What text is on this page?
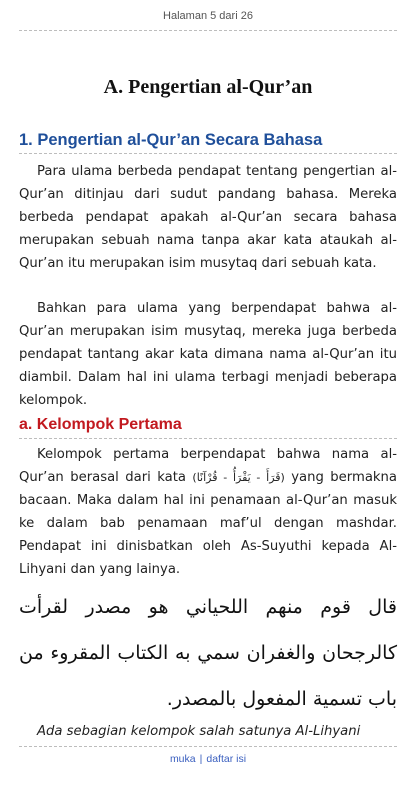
Halaman 5 dari 26
A. Pengertian al-Qur’an
1. Pengertian al-Qur’an Secara Bahasa

Para ulama berbeda pendapat tentang pengertian al-Qur’an ditinjau dari sudut pandang bahasa. Mereka berbeda pendapat apakah al-Qur’an secara bahasa merupakan sebuah nama tanpa akar kata ataukah al-Qur’an itu merupakan isim musytaq dari sebuah kata.

Bahkan para ulama yang berpendapat bahwa al-Qur’an merupakan isim musytaq, mereka juga berbeda pendapat tantang akar kata dimana nama al-Qur’an itu diambil. Dalam hal ini ulama terbagi menjadi beberapa kelompok.

a. Kelompok Pertama

Kelompok pertama berpendapat bahwa nama al-Qur’an berasal dari kata (قَرَأَ - يَقْرَأُ - قُرْآنًا) yang bermakna bacaan. Maka dalam hal ini penamaan al-Qur’an masuk ke dalam bab penamaan maf’ul dengan mashdar. Pendapat ini dinisbatkan oleh As-Suyuthi kepada Al-Lihyani dan yang lainya.

قال قوم منهم اللحياني هو مصدر لقرأت كالرجحان والغفران سمي به الكتاب المقروء من باب تسمية المفعول بالمصدر.

Ada sebagian kelompok salah satunya Al-Lihyani

muka | daftar isi
